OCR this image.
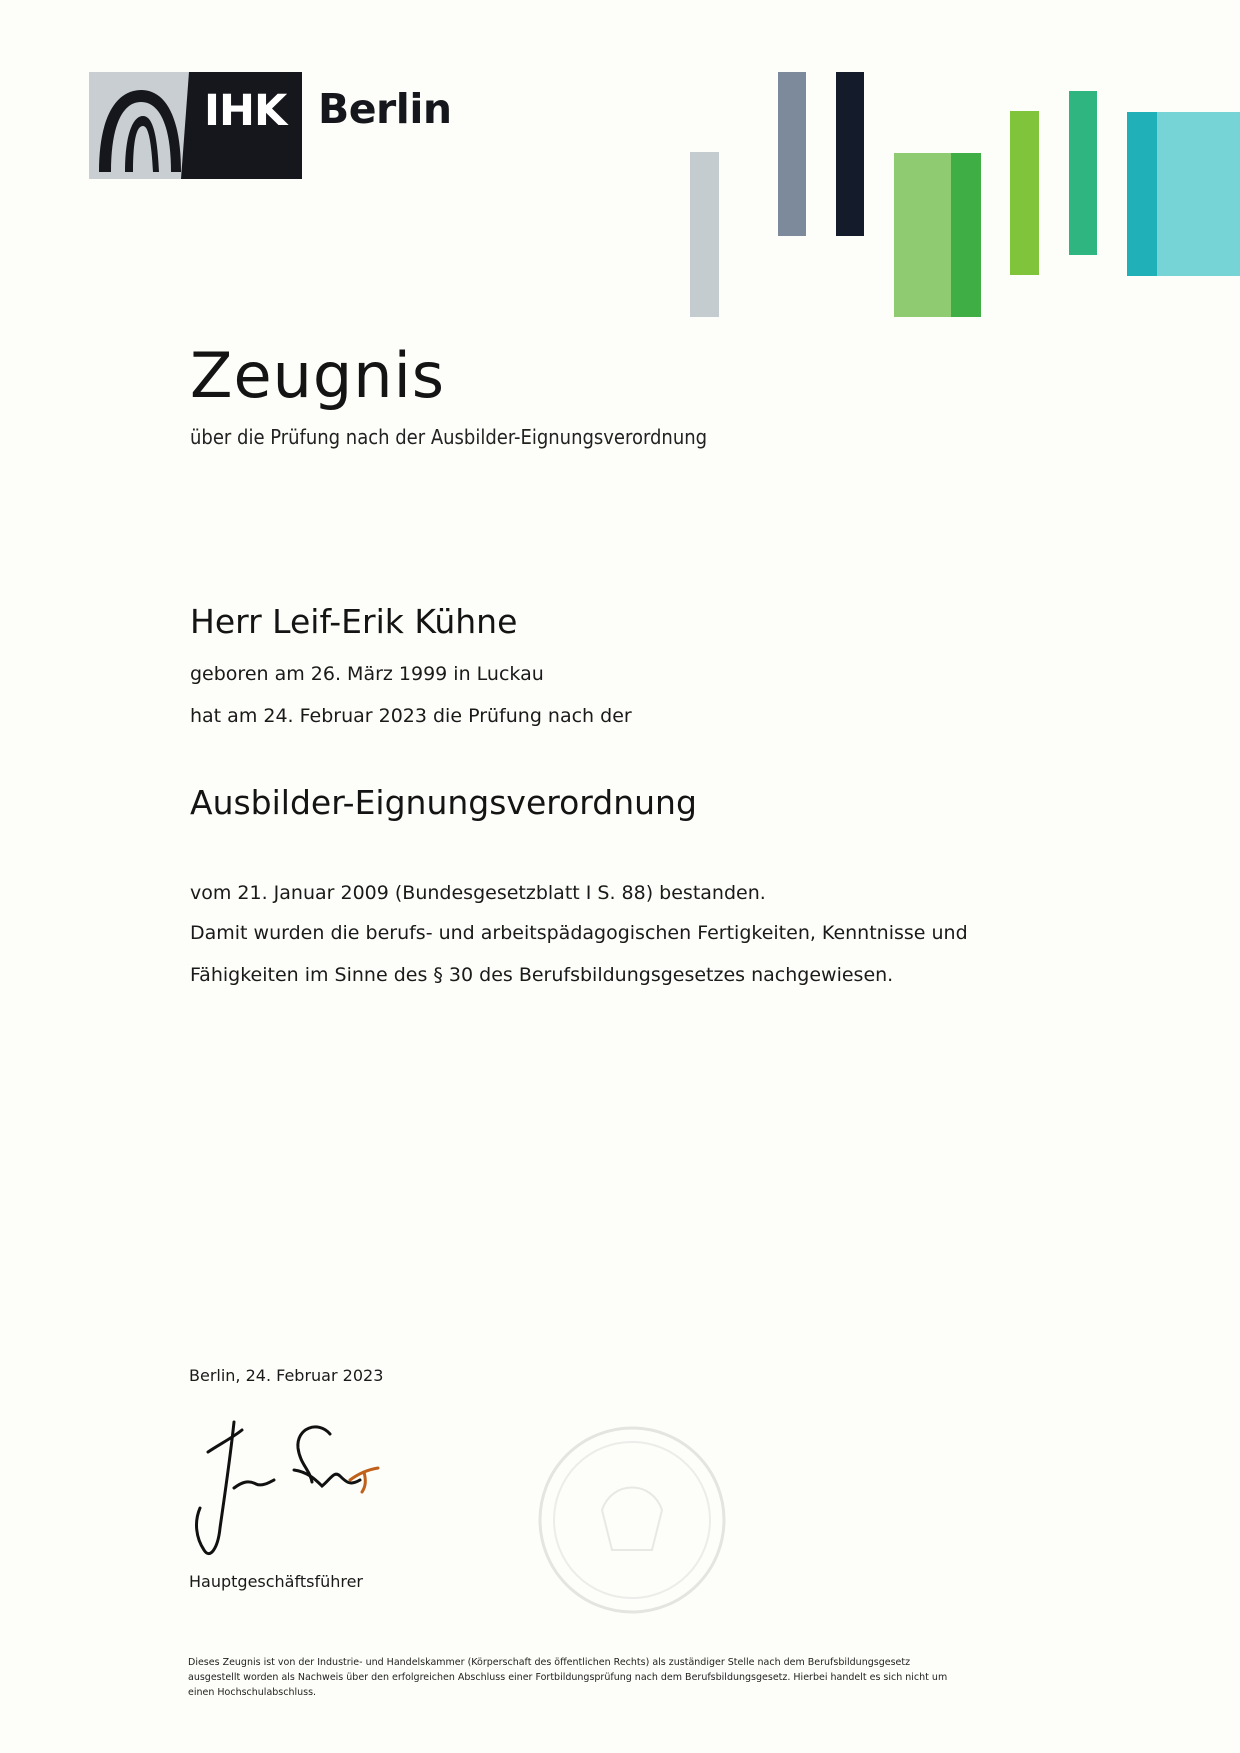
IHK Berlin
Zeugnis
über die Prüfung nach der Ausbilder-Eignungsverordnung
Herr Leif-Erik Kühne
geboren am 26. März 1999 in Luckau
hat am 24. Februar 2023 die Prüfung nach der
Ausbilder-Eignungsverordnung
vom 21. Januar 2009 (Bundesgesetzblatt I S. 88) bestanden.
Damit wurden die berufs- und arbeitspädagogischen Fertigkeiten, Kenntnisse und
Fähigkeiten im Sinne des § 30 des Berufsbildungsgesetzes nachgewiesen.
Berlin, 24. Februar 2023
Hauptgeschäftsführer
Dieses Zeugnis ist von der Industrie- und Handelskammer (Körperschaft des öffentlichen Rechts) als zuständiger Stelle nach dem Berufsbildungsgesetz ausgestellt worden als Nachweis über den erfolgreichen Abschluss einer Fortbildungsprüfung nach dem Berufsbildungsgesetz. Hierbei handelt es sich nicht um einen Hochschulabschluss.
